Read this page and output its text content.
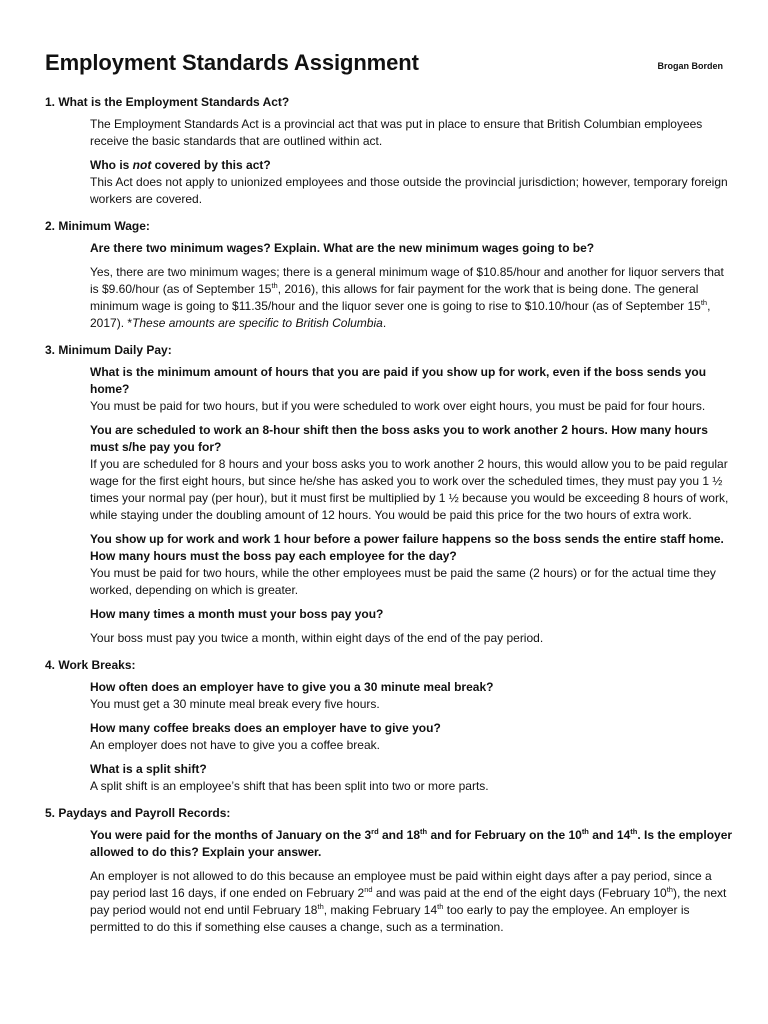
Employment Standards Assignment	Brogan Borden
1. What is the Employment Standards Act?

The Employment Standards Act is a provincial act that was put in place to ensure that British Columbian employees receive the basic standards that are outlined within act.

Who is not covered by this act?

This Act does not apply to unionized employees and those outside the provincial jurisdiction; however, temporary foreign workers are covered.

2. Minimum Wage:

Are there two minimum wages? Explain. What are the new minimum wages going to be?

Yes, there are two minimum wages; there is a general minimum wage of $10.85/hour and another for liquor servers that is $9.60/hour (as of September 15th, 2016), this allows for fair payment for the work that is being done. The general minimum wage is going to $11.35/hour and the liquor sever one is going to rise to $10.10/hour (as of September 15th, 2017). *These amounts are specific to British Columbia.

3. Minimum Daily Pay:

What is the minimum amount of hours that you are paid if you show up for work, even if the boss sends you home?

You must be paid for two hours, but if you were scheduled to work over eight hours, you must be paid for four hours.

You are scheduled to work an 8-hour shift then the boss asks you to work another 2 hours. How many hours must s/he pay you for?

If you are scheduled for 8 hours and your boss asks you to work another 2 hours, this would allow you to be paid regular wage for the first eight hours, but since he/she has asked you to work over the scheduled times, they must pay you 1 ½ times your normal pay (per hour), but it must first be multiplied by 1 ½ because you would be exceeding 8 hours of work, while staying under the doubling amount of 12 hours. You would be paid this price for the two hours of extra work.

You show up for work and work 1 hour before a power failure happens so the boss sends the entire staff home. How many hours must the boss pay each employee for the day?

You must be paid for two hours, while the other employees must be paid the same (2 hours) or for the actual time they worked, depending on which is greater.

How many times a month must your boss pay you?

Your boss must pay you twice a month, within eight days of the end of the pay period.

4. Work Breaks:

How often does an employer have to give you a 30 minute meal break?

You must get a 30 minute meal break every five hours.

How many coffee breaks does an employer have to give you?

An employer does not have to give you a coffee break.

What is a split shift?

A split shift is an employee’s shift that has been split into two or more parts.

5. Paydays and Payroll Records:

You were paid for the months of January on the 3rd and 18th and for February on the 10th and 14th. Is the employer allowed to do this? Explain your answer.

An employer is not allowed to do this because an employee must be paid within eight days after a pay period, since a pay period last 16 days, if one ended on February 2nd and was paid at the end of the eight days (February 10th), the next pay period would not end until February 18th, making February 14th too early to pay the employee. An employer is permitted to do this if something else causes a change, such as a termination.
